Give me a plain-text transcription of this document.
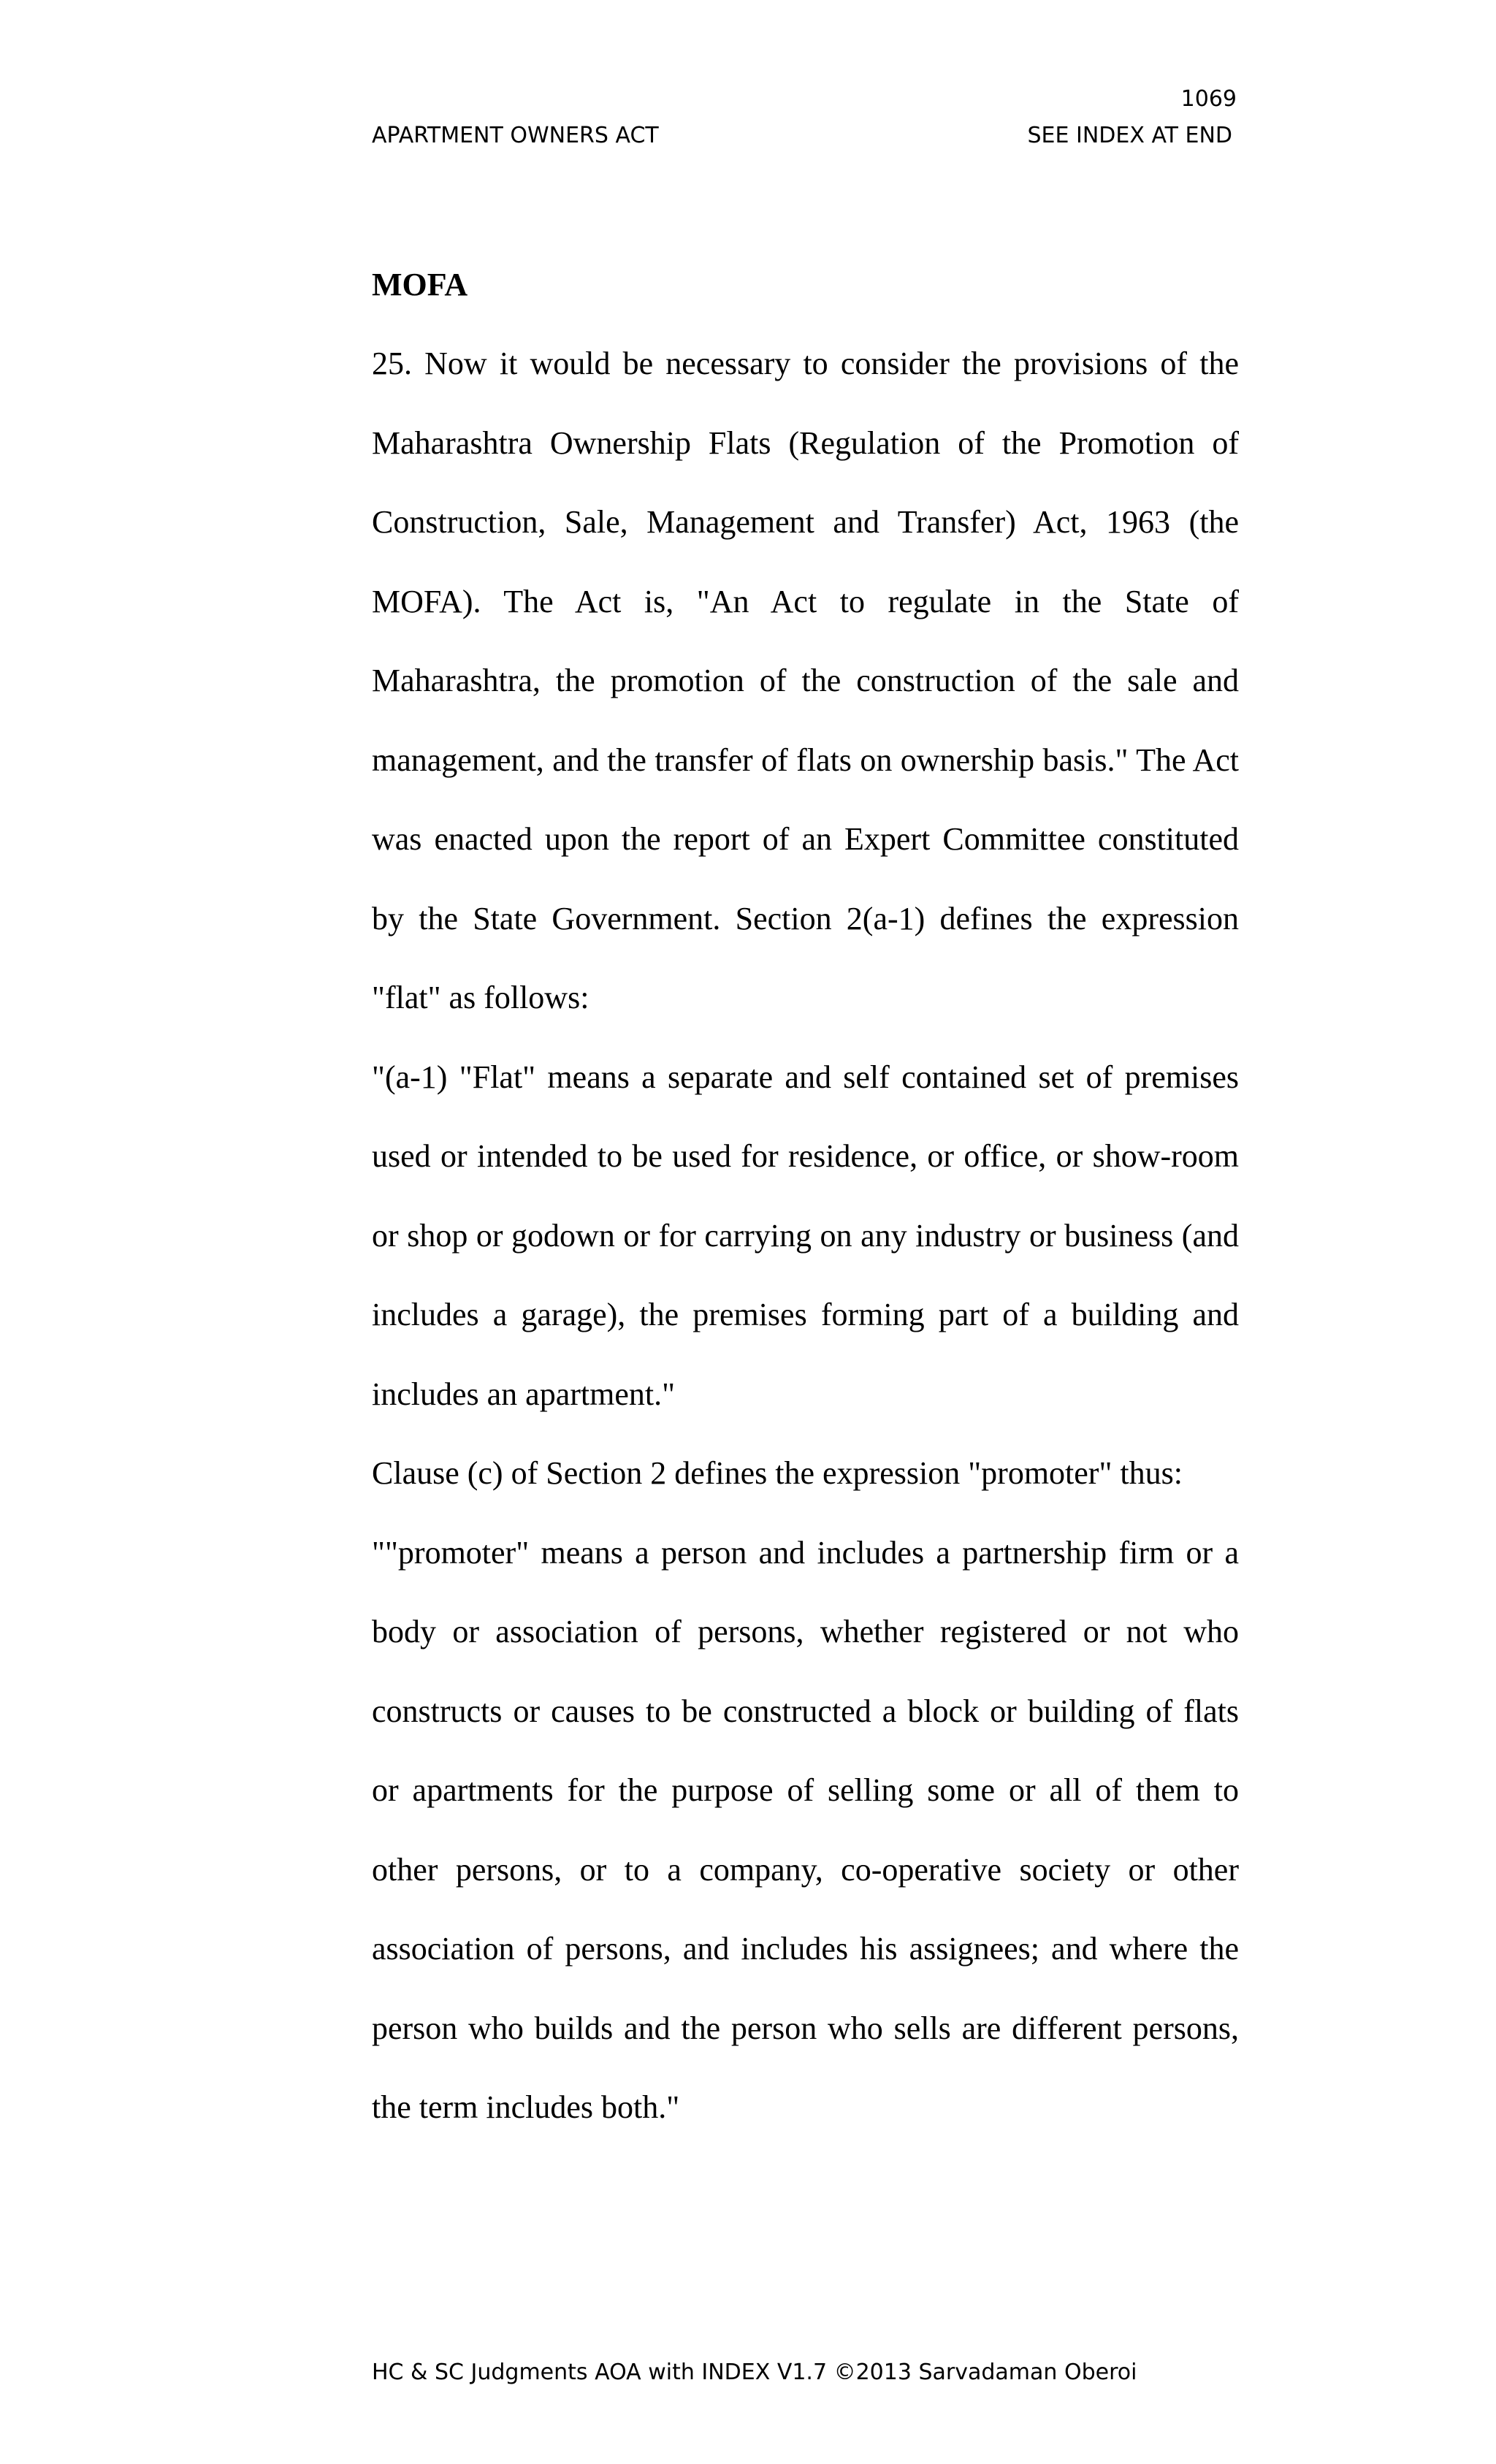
1069
APARTMENT OWNERS ACT	SEE INDEX AT END

MOFA

25. Now it would be necessary to consider the provisions of the Maharashtra Ownership Flats (Regulation of the Promotion of Construction, Sale, Management and Transfer) Act, 1963 (the MOFA). The Act is, "An Act to regulate in the State of Maharashtra, the promotion of the construction of the sale and management, and the transfer of flats on ownership basis." The Act was enacted upon the report of an Expert Committee constituted by the State Government. Section 2(a-1) defines the expression "flat" as follows:

"(a-1) "Flat" means a separate and self contained set of premises used or intended to be used for residence, or office, or show-room or shop or godown or for carrying on any industry or business (and includes a garage), the premises forming part of a building and includes an apartment."

Clause (c) of Section 2 defines the expression "promoter" thus:

""promoter" means a person and includes a partnership firm or a body or association of persons, whether registered or not who constructs or causes to be constructed a block or building of flats or apartments for the purpose of selling some or all of them to other persons, or to a company, co-operative society or other association of persons, and includes his assignees; and where the person who builds and the person who sells are different persons, the term includes both."

HC & SC Judgments AOA with INDEX V1.7 ©2013 Sarvadaman Oberoi
